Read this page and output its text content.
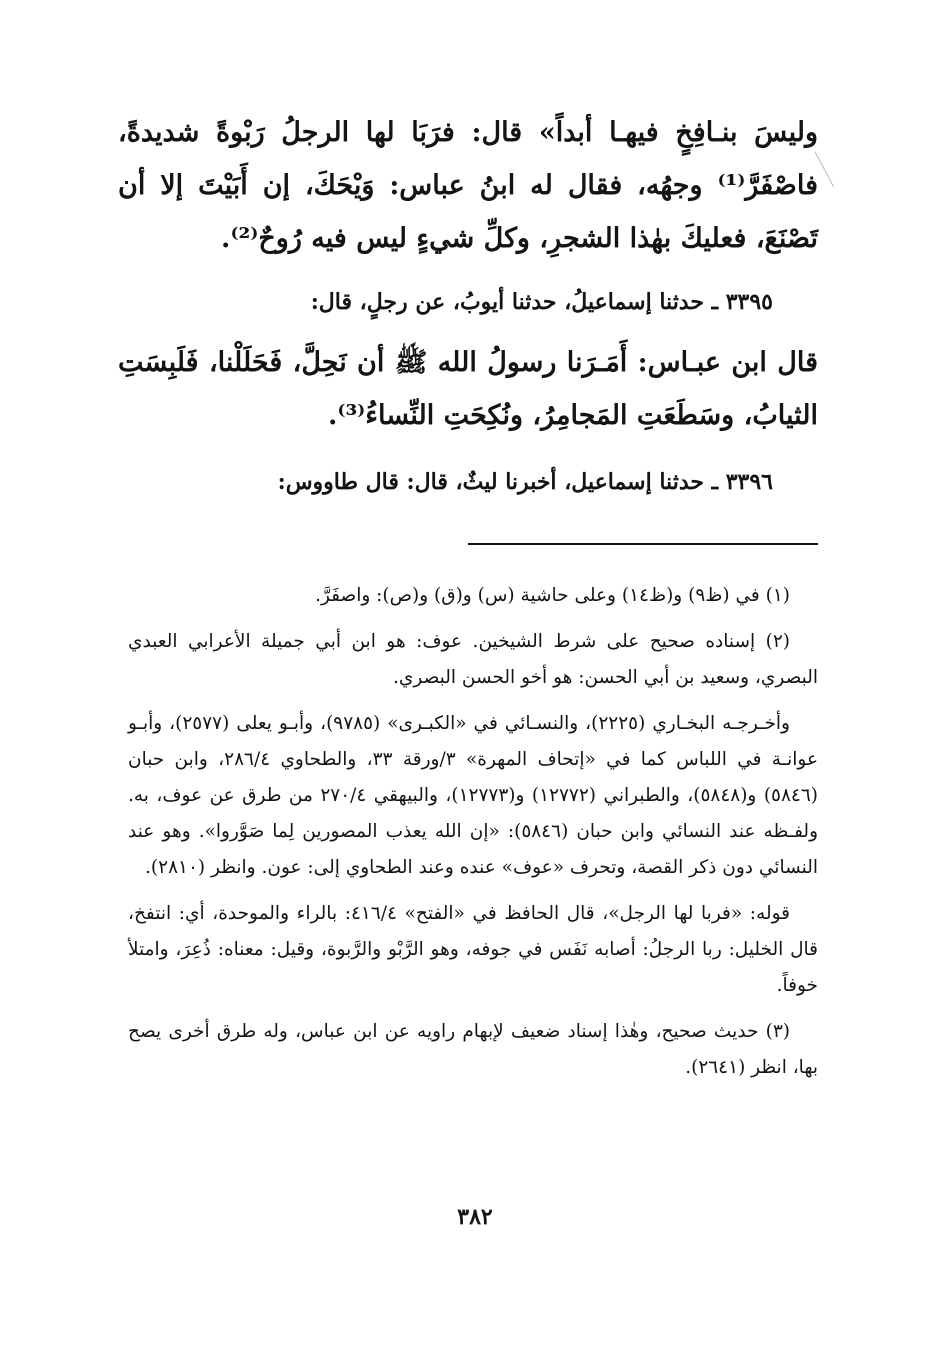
وليسَ بنـافِخٍ فيهـا أبداً» قال: فرَبَا لها الرجلُ رَبْوةً شديدةً، فاصْفَرَّ⁽¹⁾ وجهُه، فقال له ابنُ عباس: وَيْحَكَ، إن أَبَيْتَ إلا أن تَصْنَعَ، فعليكَ بهٰذا الشجرِ، وكلِّ شيءٍ ليس فيه رُوحٌ⁽²⁾.
٣٣٩٥ ـ حدثنا إسماعيلُ، حدثنا أيوبُ، عن رجلٍ، قال:
قال ابن عبـاس: أَمَـرَنا رسولُ الله ﷺ أن نَحِلَّ، فَحَلَلْنا، فَلَبِسَتِ الثيابُ، وسَطَعَتِ المَجامِرُ، ونُكِحَتِ النِّساءُ⁽³⁾.
٣٣٩٦ ـ حدثنا إسماعيل، أخبرنا ليثٌ، قال: قال طاووس:

(١) في (ظ٩) و(ظ١٤) وعلى حاشية (س) و(ق) و(ص): واصفَرَّ.

(٢) إسناده صحيح على شرط الشيخين. عوف: هو ابن أبي جميلة الأعرابي العبدي البصري، وسعيد بن أبي الحسن: هو أخو الحسن البصري.

وأخـرجـه البخـاري (٢٢٢٥)، والنسـائي في «الكبـرى» (٩٧٨٥)، وأبـو يعلى (٢٥٧٧)، وأبـو عوانـة في اللباس كما في «إتحاف المهرة» ٣/ورقة ٣٣، والطحاوي ٢٨٦/٤، وابن حبان (٥٨٤٦) و(٥٨٤٨)، والطبراني (١٢٧٧٢) و(١٢٧٧٣)، والبيهقي ٢٧٠/٤ من طرق عن عوف، به. ولفـظه عند النسائي وابن حبان (٥٨٤٦): «إن الله يعذب المصورين لِما صَوَّروا». وهو عند النسائي دون ذكر القصة، وتحرف «عوف» عنده وعند الطحاوي إلى: عون. وانظر (٢٨١٠).

قوله: «فربا لها الرجل»، قال الحافظ في «الفتح» ٤١٦/٤: بالراء والموحدة، أي: انتفخ، قال الخليل: ربا الرجلُ: أصابه نَفَس في جوفه، وهو الرَّبْو والرَّبوة، وقيل: معناه: ذُعِرَ، وامتلأ خوفاً.

(٣) حديث صحيح، وهٰذا إسناد ضعيف لإبهام راويه عن ابن عباس، وله طرق أخرى يصح بها، انظر (٢٦٤١).

٣٨٢
